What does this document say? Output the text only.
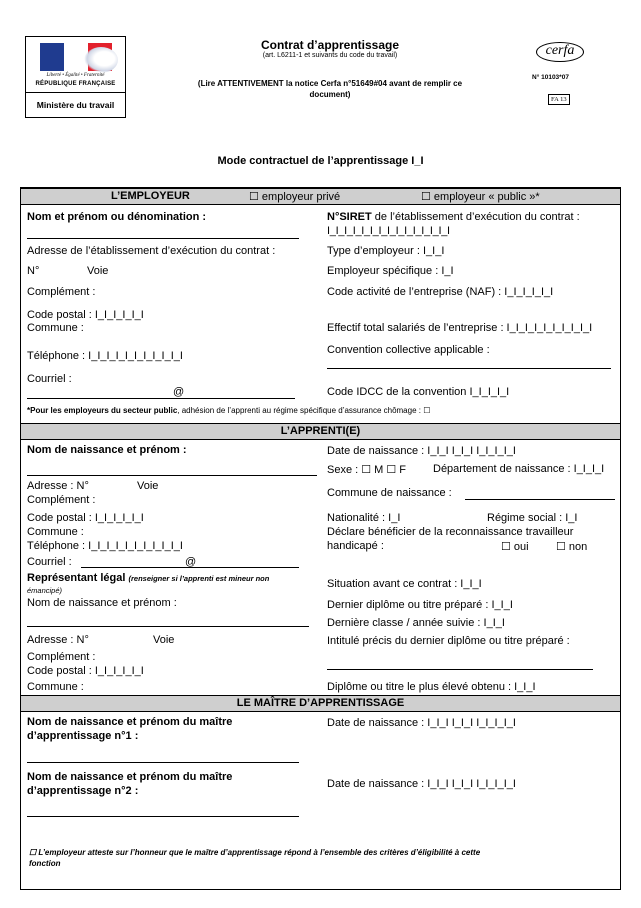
Liberté • Égalité • Fraternité
RÉPUBLIQUE FRANÇAISE
Ministère du travail
Contrat d’apprentissage
(art. L6211-1 et suivants du code du travail)
(Lire ATTENTIVEMENT la notice Cerfa n°51649#04 avant de remplir ce
document)
cerfa
N° 10103*07
FA 13
Mode contractuel de l’apprentissage I_I
L’EMPLOYEUR	☐ employeur privé	☐ employeur « public »*
Nom et prénom ou dénomination :	N°SIRET de l’établissement d’exécution du contrat :
I_I_I_I_I_I_I_I_I_I_I_I_I_I_I
Adresse de l’établissement d’exécution du contrat :	Type d’employeur : I_I_I
N°	Voie	Employeur spécifique : I_I
Complément :	Code activité de l’entreprise (NAF) : I_I_I_I_I_I
Code postal : I_I_I_I_I_I
Commune :	Effectif total salariés de l’entreprise : I_I_I_I_I_I_I_I_I_I
Téléphone : I_I_I_I_I_I_I_I_I_I_I	Convention collective applicable :
Courriel :
@	Code IDCC de la convention I_I_I_I_I
*Pour les employeurs du secteur public, adhésion de l’apprenti au régime spécifique d’assurance chômage : ☐
L’APPRENTI(E)
Nom de naissance et prénom :	Date de naissance : I_I_I I_I_I I_I_I_I_I
Sexe : ☐ M ☐ F Département de naissance : I_I_I_I
Adresse : N°	Voie
Commune de naissance :
Complément :
Code postal : I_I_I_I_I_I	Nationalité : I_I	Régime social : I_I
Commune :	Déclare bénéficier de la reconnaissance travailleur
Téléphone : I_I_I_I_I_I_I_I_I_I_I	handicapé :	☐ oui ☐ non
Courriel :	@
Représentant légal (renseigner si l’apprenti est mineur non
émancipé)
Situation avant ce contrat : I_I_I
Nom de naissance et prénom :	Dernier diplôme ou titre préparé : I_I_I
Dernière classe / année suivie : I_I_I
Adresse : N°	Voie	Intitulé précis du dernier diplôme ou titre préparé :
Complément :
Code postal : I_I_I_I_I_I
Commune :	Diplôme ou titre le plus élevé obtenu : I_I_I
LE MAÎTRE D’APPRENTISSAGE
Nom de naissance et prénom du maître
d’apprentissage n°1 :
Date de naissance : I_I_I I_I_I I_I_I_I_I
Nom de naissance et prénom du maître
d’apprentissage n°2 :
Date de naissance : I_I_I I_I_I I_I_I_I_I
☐ L’employeur atteste sur l’honneur que le maître d’apprentissage répond à l’ensemble des critères d’éligibilité à cette
fonction
